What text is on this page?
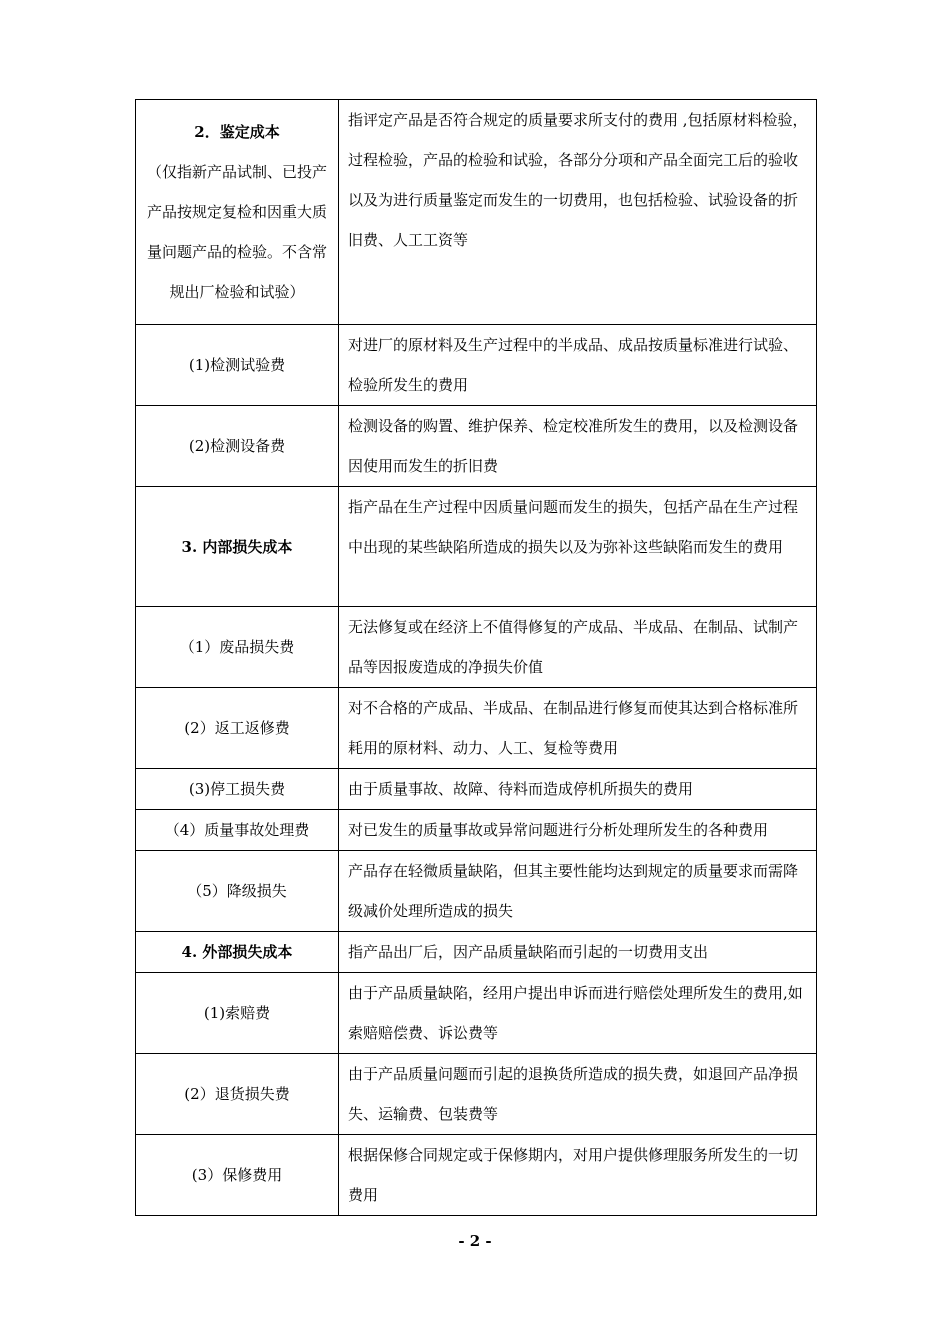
2．鉴定成本
（仅指新产品试制、已投产产品按规定复检和因重大质量问题产品的检验。不含常规出厂检验和试验）	指评定产品是否符合规定的质量要求所支付的费用 ,包括原材料检验，过程检验，产品的检验和试验，各部分分项和产品全面完工后的验收以及为进行质量鉴定而发生的一切费用，也包括检验、试验设备的折旧费、人工工资等
(1)检测试验费	对进厂的原材料及生产过程中的半成品、成品按质量标准进行试验、检验所发生的费用
(2)检测设备费	检测设备的购置、维护保养、检定校准所发生的费用，以及检测设备因使用而发生的折旧费
3. 内部损失成本	指产品在生产过程中因质量问题而发生的损失，包括产品在生产过程中出现的某些缺陷所造成的损失以及为弥补这些缺陷而发生的费用
（1）废品损失费	无法修复或在经济上不值得修复的产成品、半成品、在制品、试制产品等因报废造成的净损失价值
(2）返工返修费	对不合格的产成品、半成品、在制品进行修复而使其达到合格标准所耗用的原材料、动力、人工、复检等费用
(3)停工损失费	由于质量事故、故障、待料而造成停机所损失的费用
（4）质量事故处理费	对已发生的质量事故或异常问题进行分析处理所发生的各种费用
（5）降级损失	产品存在轻微质量缺陷，但其主要性能均达到规定的质量要求而需降级减价处理所造成的损失
4. 外部损失成本	指产品出厂后，因产品质量缺陷而引起的一切费用支出
(1)索赔费	由于产品质量缺陷，经用户提出申诉而进行赔偿处理所发生的费用,如索赔赔偿费、诉讼费等
(2）退货损失费	由于产品质量问题而引起的退换货所造成的损失费，如退回产品净损失、运输费、包装费等
(3）保修费用	根据保修合同规定或于保修期内，对用户提供修理服务所发生的一切费用
- 2 -
